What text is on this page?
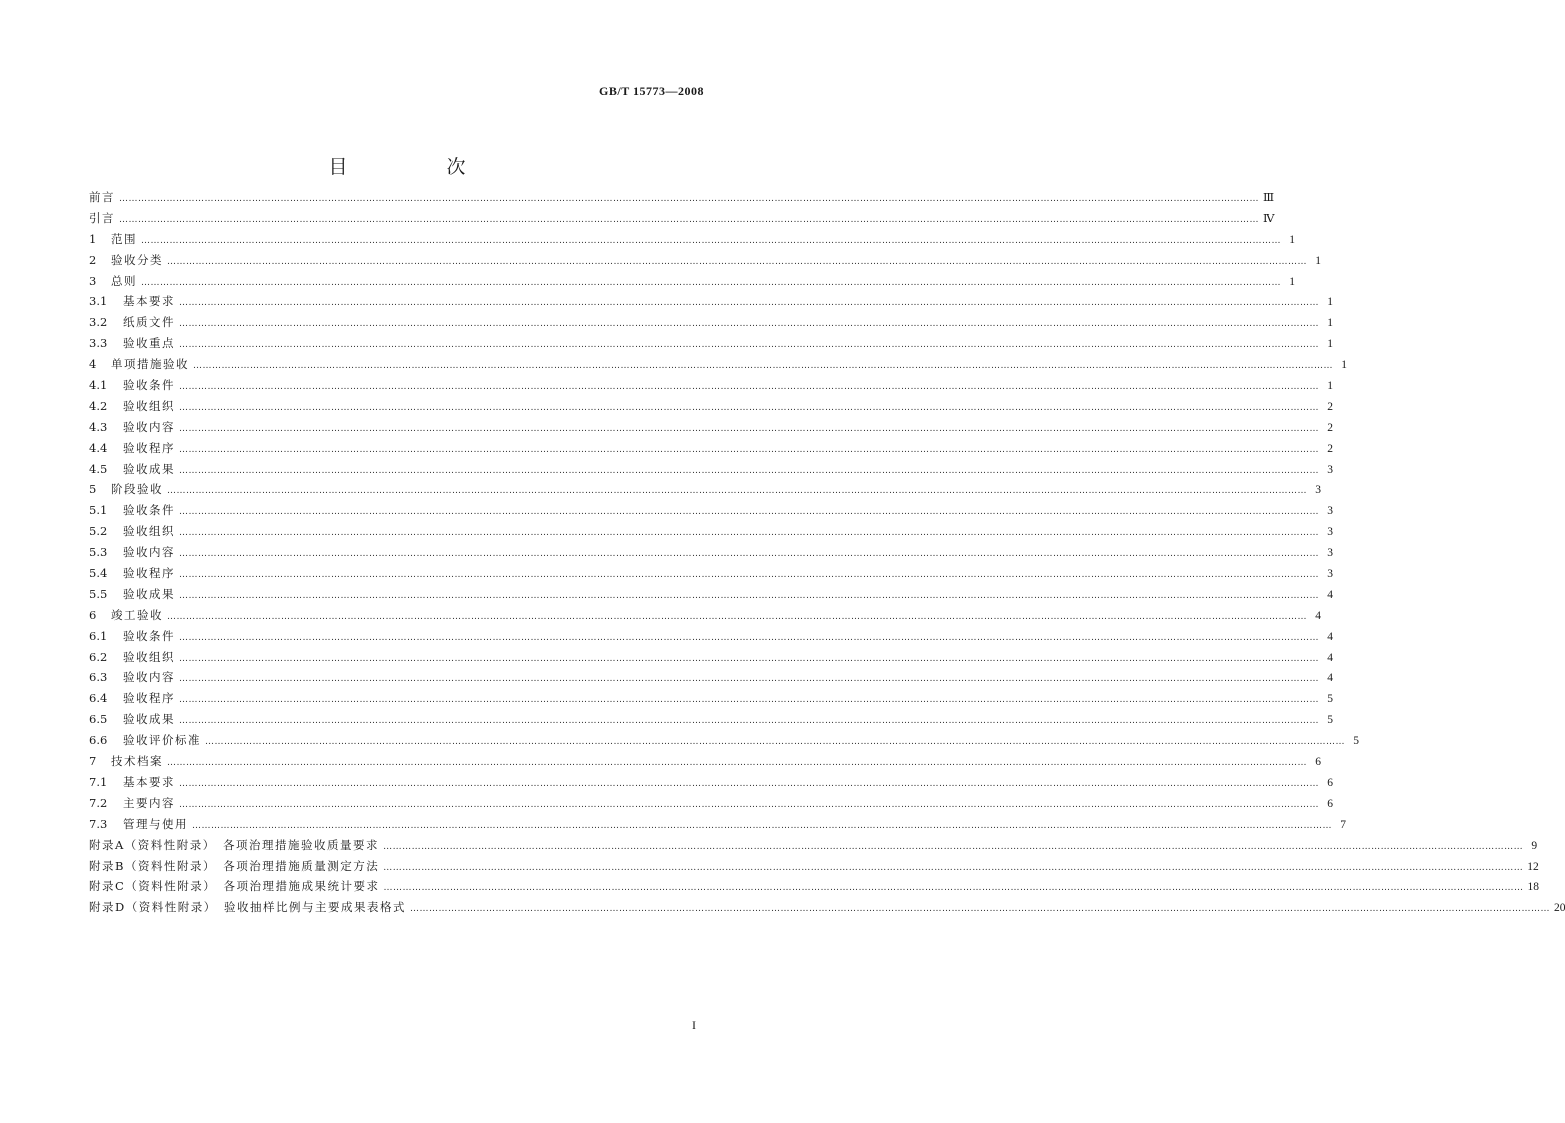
GB/T 15773—2008
目　次
前言 ……………………………………………………………………………………………………………………………………………………………………………………………………………………………………………………………………………………………………………………………… Ⅲ
引言 ……………………………………………………………………………………………………………………………………………………………………………………………………………………………………………………………………………………………………………………………… Ⅳ
1 范围 ……………………………………………………………………………………………………………………………………………………………………………………………………………………………………………………………………………………………………………………………… 1
2 验收分类 ……………………………………………………………………………………………………………………………………………………………………………………………………………………………………………………………………………………………………………………………… 1
3 总则 ……………………………………………………………………………………………………………………………………………………………………………………………………………………………………………………………………………………………………………………………… 1
3.1 基本要求 ……………………………………………………………………………………………………………………………………………………………………………………………………………………………………………………………………………………………………………………………… 1
3.2 纸质文件 ……………………………………………………………………………………………………………………………………………………………………………………………………………………………………………………………………………………………………………………………… 1
3.3 验收重点 ……………………………………………………………………………………………………………………………………………………………………………………………………………………………………………………………………………………………………………………………… 1
4 单项措施验收 ……………………………………………………………………………………………………………………………………………………………………………………………………………………………………………………………………………………………………………………………… 1
4.1 验收条件 ……………………………………………………………………………………………………………………………………………………………………………………………………………………………………………………………………………………………………………………………… 1
4.2 验收组织 ……………………………………………………………………………………………………………………………………………………………………………………………………………………………………………………………………………………………………………………………… 2
4.3 验收内容 ……………………………………………………………………………………………………………………………………………………………………………………………………………………………………………………………………………………………………………………………… 2
4.4 验收程序 ……………………………………………………………………………………………………………………………………………………………………………………………………………………………………………………………………………………………………………………………… 2
4.5 验收成果 ……………………………………………………………………………………………………………………………………………………………………………………………………………………………………………………………………………………………………………………………… 3
5 阶段验收 ……………………………………………………………………………………………………………………………………………………………………………………………………………………………………………………………………………………………………………………………… 3
5.1 验收条件 ……………………………………………………………………………………………………………………………………………………………………………………………………………………………………………………………………………………………………………………………… 3
5.2 验收组织 ……………………………………………………………………………………………………………………………………………………………………………………………………………………………………………………………………………………………………………………………… 3
5.3 验收内容 ……………………………………………………………………………………………………………………………………………………………………………………………………………………………………………………………………………………………………………………………… 3
5.4 验收程序 ……………………………………………………………………………………………………………………………………………………………………………………………………………………………………………………………………………………………………………………………… 3
5.5 验收成果 ……………………………………………………………………………………………………………………………………………………………………………………………………………………………………………………………………………………………………………………………… 4
6 竣工验收 ……………………………………………………………………………………………………………………………………………………………………………………………………………………………………………………………………………………………………………………………… 4
6.1 验收条件 ……………………………………………………………………………………………………………………………………………………………………………………………………………………………………………………………………………………………………………………………… 4
6.2 验收组织 ……………………………………………………………………………………………………………………………………………………………………………………………………………………………………………………………………………………………………………………………… 4
6.3 验收内容 ……………………………………………………………………………………………………………………………………………………………………………………………………………………………………………………………………………………………………………………………… 4
6.4 验收程序 ……………………………………………………………………………………………………………………………………………………………………………………………………………………………………………………………………………………………………………………………… 5
6.5 验收成果 ……………………………………………………………………………………………………………………………………………………………………………………………………………………………………………………………………………………………………………………………… 5
6.6 验收评价标准 ……………………………………………………………………………………………………………………………………………………………………………………………………………………………………………………………………………………………………………………………… 5
7 技术档案 ……………………………………………………………………………………………………………………………………………………………………………………………………………………………………………………………………………………………………………………………… 6
7.1 基本要求 ……………………………………………………………………………………………………………………………………………………………………………………………………………………………………………………………………………………………………………………………… 6
7.2 主要内容 ……………………………………………………………………………………………………………………………………………………………………………………………………………………………………………………………………………………………………………………………… 6
7.3 管理与使用 ……………………………………………………………………………………………………………………………………………………………………………………………………………………………………………………………………………………………………………………………… 7
附录A（资料性附录）　各项治理措施验收质量要求 ……………………………………………………………………………………………………………………………………………………………………………………………………………………………………………………………………………………………………………………………… 9
附录B（资料性附录）　各项治理措施质量测定方法 ……………………………………………………………………………………………………………………………………………………………………………………………………………………………………………………………………………………………………………………………… 12
附录C（资料性附录）　各项治理措施成果统计要求 ……………………………………………………………………………………………………………………………………………………………………………………………………………………………………………………………………………………………………………………………… 18
附录D（资料性附录）　验收抽样比例与主要成果表格式 ……………………………………………………………………………………………………………………………………………………………………………………………………………………………………………………………………………………………………………………………… 20
I
